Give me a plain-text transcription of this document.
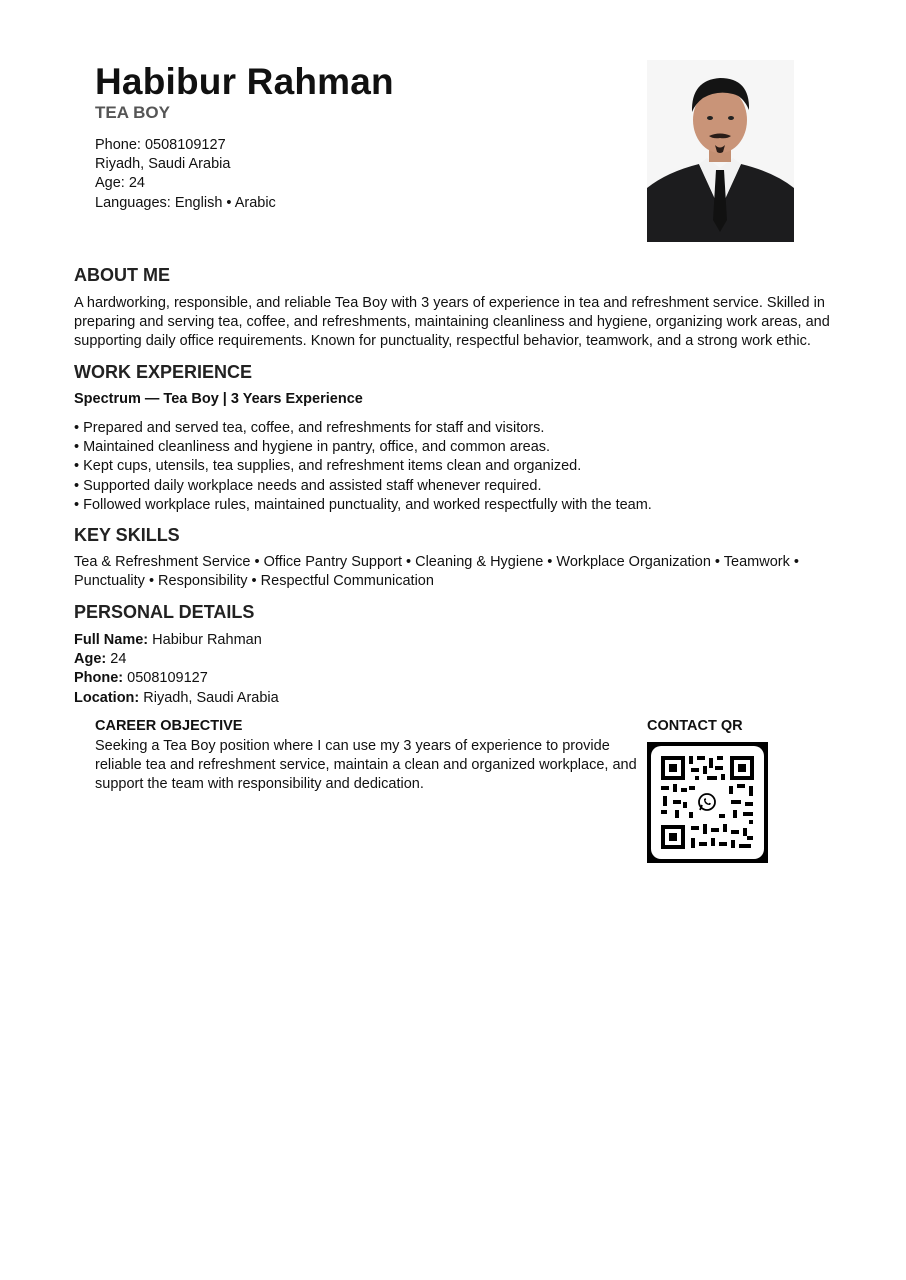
Habibur Rahman
TEA BOY
Phone: 0508109127
Riyadh, Saudi Arabia
Age: 24
Languages: English • Arabic
ABOUT ME
A hardworking, responsible, and reliable Tea Boy with 3 years of experience in tea and refreshment service. Skilled in preparing and serving tea, coffee, and refreshments, maintaining cleanliness and hygiene, organizing work areas, and supporting daily office requirements. Known for punctuality, respectful behavior, teamwork, and a strong work ethic.
WORK EXPERIENCE
Spectrum — Tea Boy | 3 Years Experience
• Prepared and served tea, coffee, and refreshments for staff and visitors.
• Maintained cleanliness and hygiene in pantry, office, and common areas.
• Kept cups, utensils, tea supplies, and refreshment items clean and organized.
• Supported daily workplace needs and assisted staff whenever required.
• Followed workplace rules, maintained punctuality, and worked respectfully with the team.
KEY SKILLS
Tea & Refreshment Service • Office Pantry Support • Cleaning & Hygiene • Workplace Organization • Teamwork • Punctuality • Responsibility • Respectful Communication
PERSONAL DETAILS
Full Name: Habibur Rahman
Age: 24
Phone: 0508109127
Location: Riyadh, Saudi Arabia
CAREER OBJECTIVE
Seeking a Tea Boy position where I can use my 3 years of experience to provide reliable tea and refreshment service, maintain a clean and organized workplace, and support the team with responsibility and dedication.
CONTACT QR
